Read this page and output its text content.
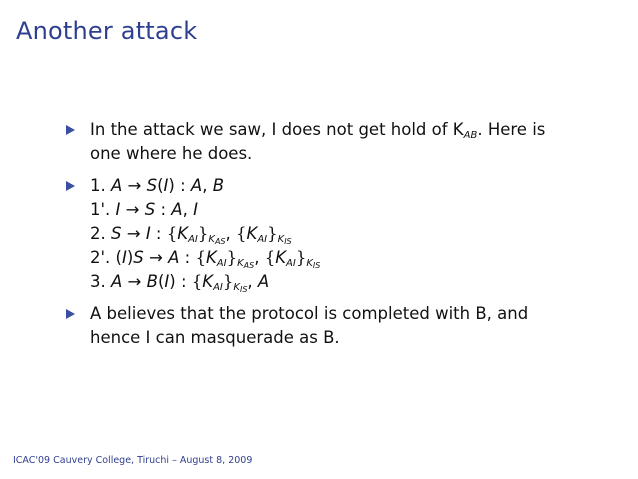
Another attack
In the attack we saw, I does not get hold of $K_{AB}$. Here is
one where he does.
1. A → S(I) : A, B
1'. I → S : A, I
2. S → I : $\{K_{AI}\}_{K_{AS}}$, $\{K_{AI}\}_{K_{IS}}$
2'. (I)S → A : $\{K_{AI}\}_{K_{AS}}$, $\{K_{AI}\}_{K_{IS}}$
3. A → B(I) : $\{K_{AI}\}_{K_{IS}}$, A
A believes that the protocol is completed with B, and
hence I can masquerade as B.
ICAC'09 Cauvery College, Tiruchi – August 8, 2009
